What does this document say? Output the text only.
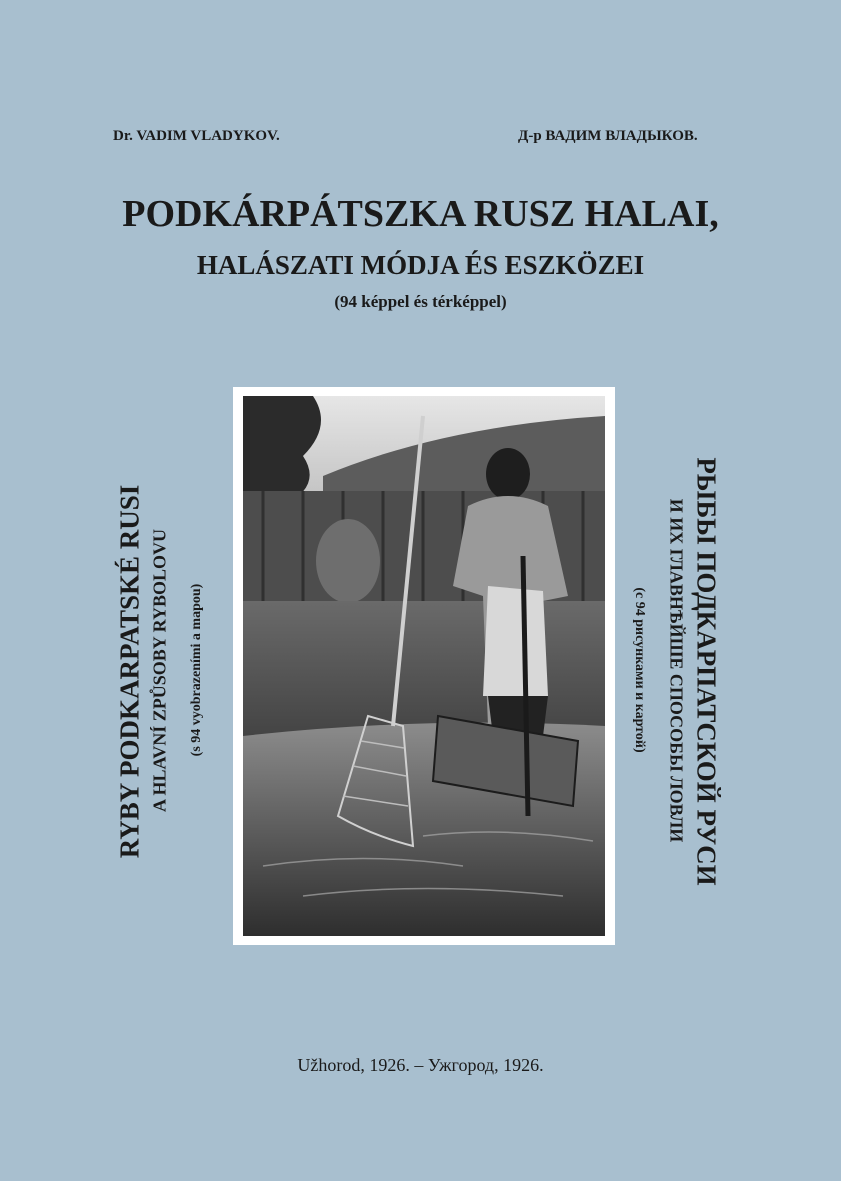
Dr. VADIM VLADYKOV.	Д-р ВАДИМ ВЛАДЫКОВ.
PODKÁRPÁTSZKA RUSZ HALAI,
HALÁSZATI MÓDJA ÉS ESZKÖZEI
(94 képpel és térképpel)
RYBY PODKARPATSKÉ RUSI A HLAVNÍ ZPŮSOBY RYBOLOVU (s 94 vyobrazeními a mapou)	РЫБЫ ПОДКАРПАТСКОЙ РУСИ
И ИХ ГЛАВНѢЙШЕ СПОСОБЫ ЛОВЛИ
(с 94 рисунками и картой)
Užhorod, 1926. – Ужгород, 1926.
